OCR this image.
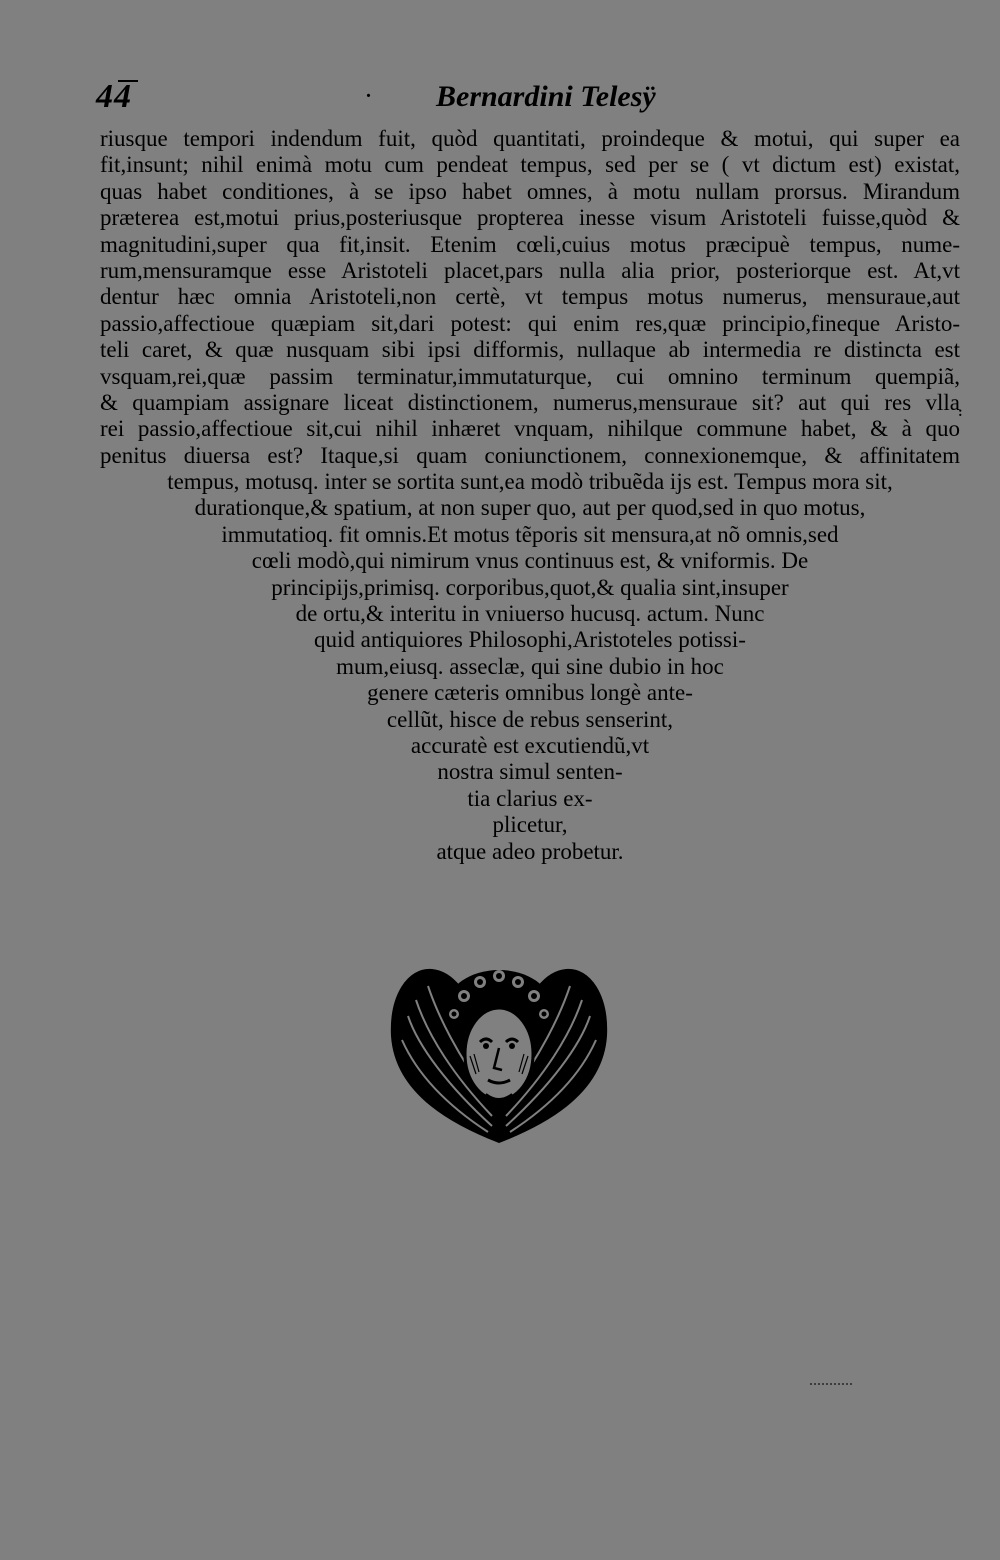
44	. Bernardini Telesÿ
riusque tempori indendum fuit, quòd quantitati, proindeque & motui, qui super ea
fit,insunt; nihil enimà motu cum pendeat tempus, sed per se ( vt dictum est) existat,
quas habet conditiones, à se ipso habet omnes, à motu nullam prorsus. Mirandum
præterea est,motui prius,posteriusque propterea inesse visum Aristoteli fuisse,quòd &
magnitudini,super qua fit,insit. Etenim cœli,cuius motus præcipuè tempus, nume-
rum,mensuramque esse Aristoteli placet,pars nulla alia prior, posteriorque est. At,vt
dentur hæc omnia Aristoteli,non certè, vt tempus motus numerus, mensuraue,aut
passio,affectioue quæpiam sit,dari potest: qui enim res,quæ principio,fineque Aristo-
teli caret, & quæ nusquam sibi ipsi difformis, nullaque ab intermedia re distincta est
vsquam,rei,quæ passim terminatur,immutaturque, cui omnino terminum quempiã,
& quampiam assignare liceat distinctionem, numerus,mensuraue sit? aut qui res vlla
rei passio,affectioue sit,cui nihil inhæret vnquam, nihilque commune habet, & à quo
penitus diuersa est? Itaque,si quam coniunctionem, connexionemque, & affinitatem
tempus, motusq. inter se sortita sunt,ea modò tribuẽda ijs est. Tempus mora sit,
durationque,& spatium, at non super quo, aut per quod,sed in quo motus,
immutatioq. fit omnis.Et motus tẽporis sit mensura,at nõ omnis,sed
cœli modò,qui nimirum vnus continuus est, & vniformis. De
principijs,primisq. corporibus,quot,& qualia sint,insuper
de ortu,& interitu in vniuerso hucusq. actum. Nunc
quid antiquiores Philosophi,Aristoteles potissi-
mum,eiusq. asseclæ, qui sine dubio in hoc
genere cæteris omnibus longè ante-
cellũt, hisce de rebus senserint,
accuratè est excutiendũ,vt
nostra simul senten-
tia clarius ex-
plicetur,
atque adeo probetur.
:
